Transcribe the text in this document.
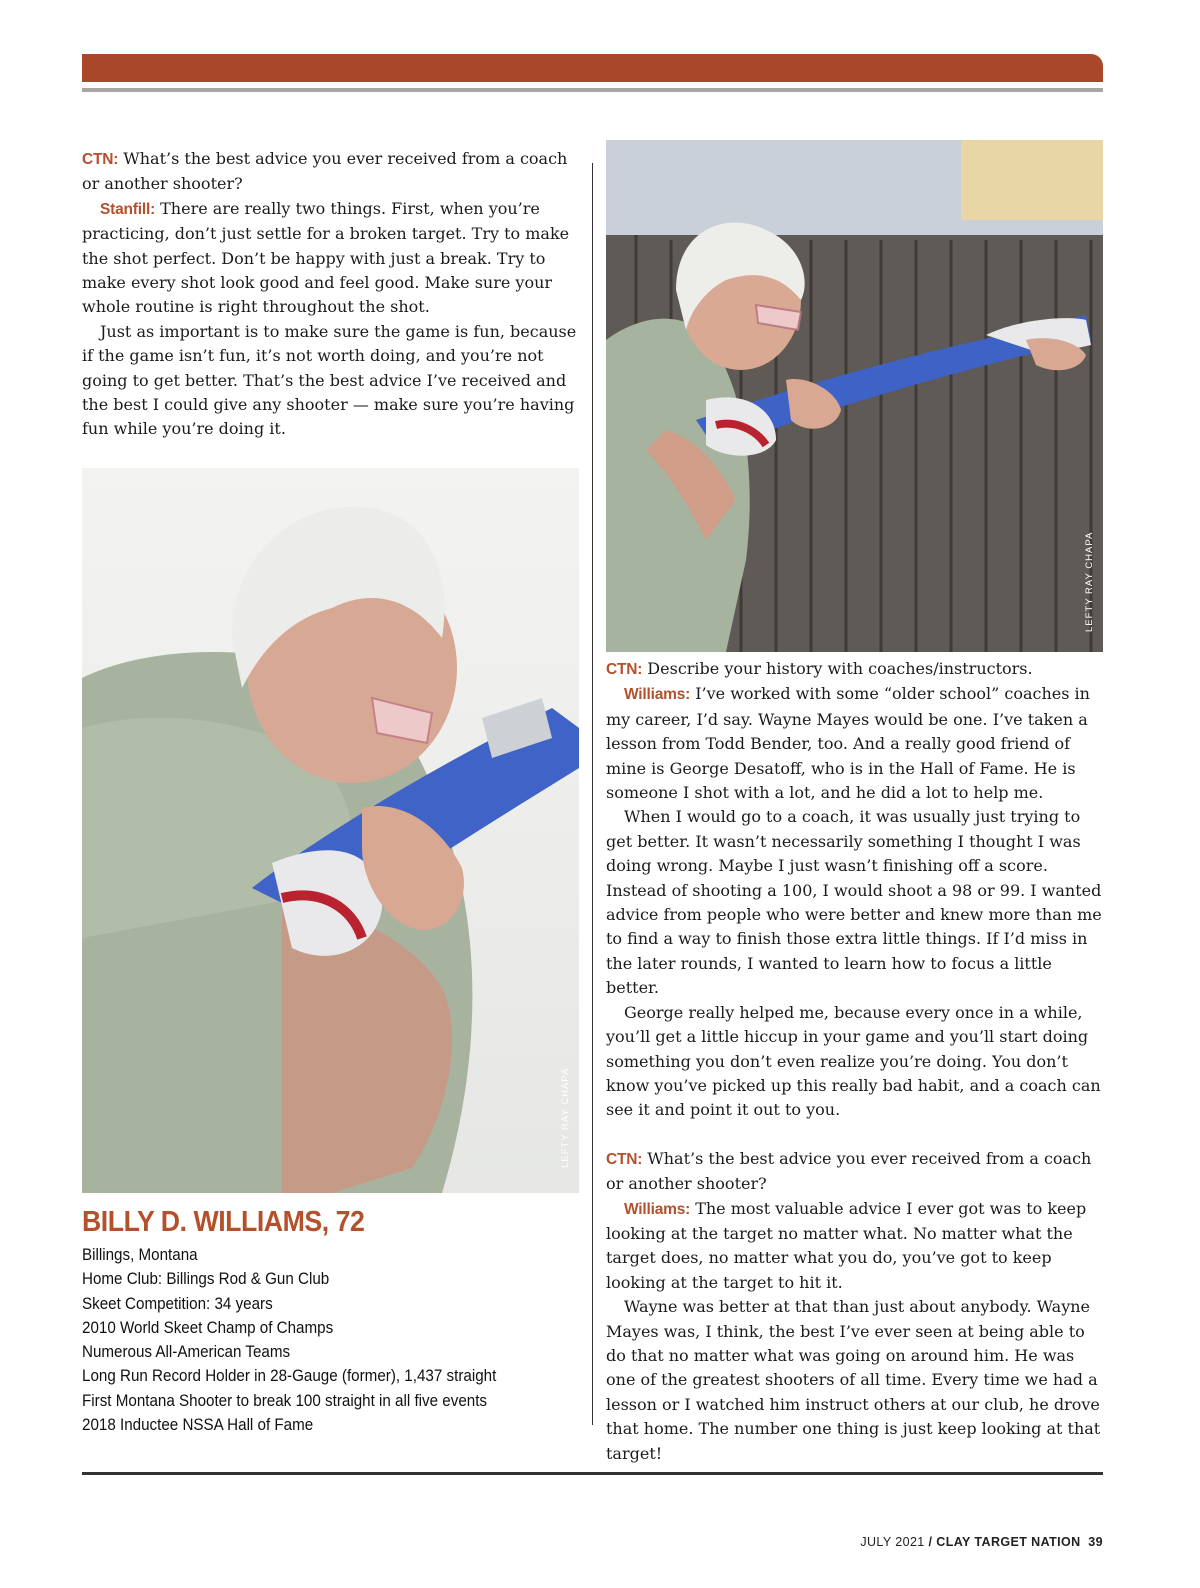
CTN: What’s the best advice you ever received from a coach or another shooter?

Stanfill: There are really two things. First, when you’re practicing, don’t just settle for a broken target. Try to make the shot perfect. Don’t be happy with just a break. Try to make every shot look good and feel good. Make sure your whole routine is right throughout the shot.

Just as important is to make sure the game is fun, because if the game isn’t fun, it’s not worth doing, and you’re not going to get better. That’s the best advice I’ve received and the best I could give any shooter — make sure you’re having fun while you’re doing it.

LEFTY RAY CHAPA
LEFTY RAY CHAPA
BILLY D. WILLIAMS, 72
Billings, Montana
Home Club: Billings Rod & Gun Club
Skeet Competition: 34 years
2010 World Skeet Champ of Champs
Numerous All-American Teams
Long Run Record Holder in 28-Gauge (former), 1,437 straight
First Montana Shooter to break 100 straight in all five events
2018 Inductee NSSA Hall of Fame

CTN: Describe your history with coaches/instructors.

Williams: I’ve worked with some “older school” coaches in my career, I’d say. Wayne Mayes would be one. I’ve taken a lesson from Todd Bender, too. And a really good friend of mine is George Desatoff, who is in the Hall of Fame. He is someone I shot with a lot, and he did a lot to help me.

When I would go to a coach, it was usually just trying to get better. It wasn’t necessarily something I thought I was doing wrong. Maybe I just wasn’t finishing off a score. Instead of shooting a 100, I would shoot a 98 or 99. I wanted advice from people who were better and knew more than me to find a way to finish those extra little things. If I’d miss in the later rounds, I wanted to learn how to focus a little better.

George really helped me, because every once in a while, you’ll get a little hiccup in your game and you’ll start doing something you don’t even realize you’re doing. You don’t know you’ve picked up this really bad habit, and a coach can see it and point it out to you.

CTN: What’s the best advice you ever received from a coach or another shooter?

Williams: The most valuable advice I ever got was to keep looking at the target no matter what. No matter what the target does, no matter what you do, you’ve got to keep looking at the target to hit it.

Wayne was better at that than just about anybody. Wayne Mayes was, I think, the best I’ve ever seen at being able to do that no matter what was going on around him. He was one of the greatest shooters of all time. Every time we had a lesson or I watched him instruct others at our club, he drove that home. The number one thing is just keep looking at that target!

JULY 2021 / CLAY TARGET NATION 39
